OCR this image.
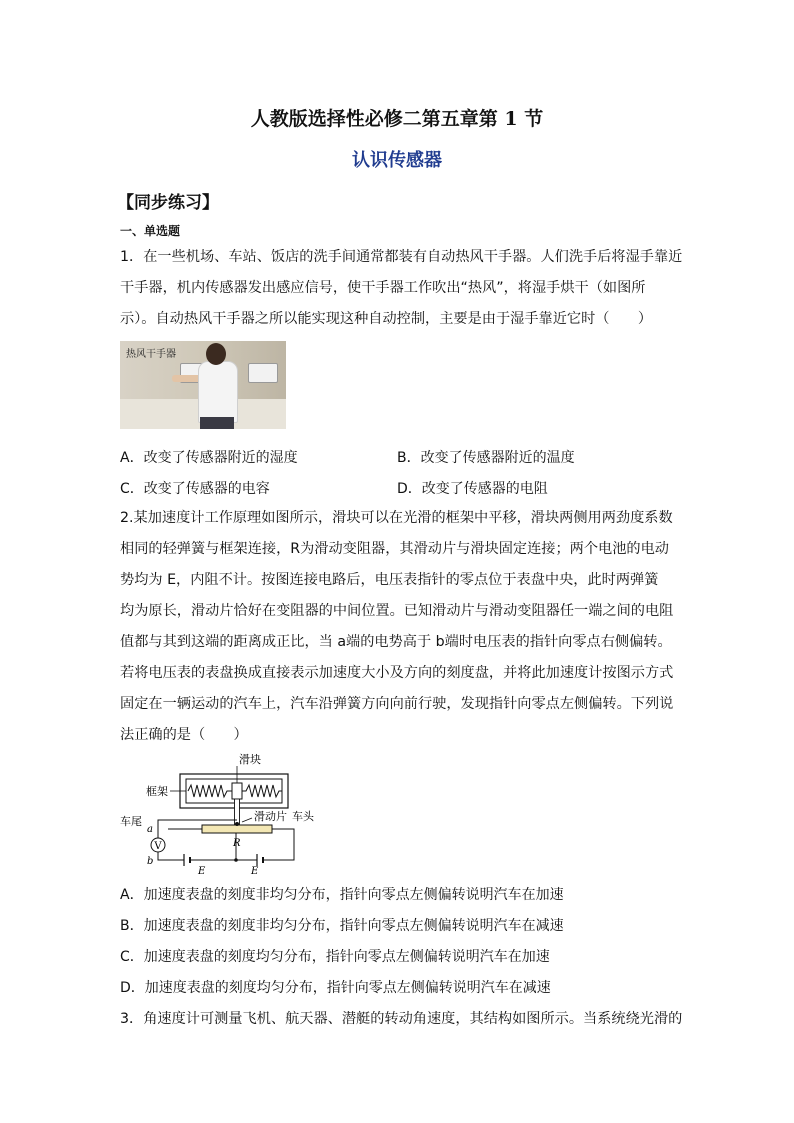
人教版选择性必修二第五章第 1 节
认识传感器
【同步练习】
一、单选题
1．在一些机场、车站、饭店的洗手间通常都装有自动热风干手器。人们洗手后将湿手靠近
干手器，机内传感器发出感应信号，使干手器工作吹出“热风”，将湿手烘干（如图所
示）。自动热风干手器之所以能实现这种自动控制，主要是由于湿手靠近它时（　　）
热风干手器
A．改变了传感器附近的湿度	B．改变了传感器附近的温度
C．改变了传感器的电容	D．改变了传感器的电阻
2.某加速度计工作原理如图所示，滑块可以在光滑的框架中平移，滑块两侧用两劲度系数
相同的轻弹簧与框架连接，R为滑动变阻器，其滑动片与滑块固定连接；两个电池的电动
势均为 E，内阻不计。按图连接电路后，电压表指针的零点位于表盘中央，此时两弹簧
均为原长，滑动片恰好在变阻器的中间位置。已知滑动片与滑动变阻器任一端之间的电阻
值都与其到这端的距离成正比，当 a端的电势高于 b端时电压表的指针向零点右侧偏转。
若将电压表的表盘换成直接表示加速度大小及方向的刻度盘，并将此加速度计按图示方式
固定在一辆运动的汽车上，汽车沿弹簧方向向前行驶，发现指针向零点左侧偏转。下列说
法正确的是（　　）
V
滑块
框架
滑动片 车头
车尾
a
b
R
E	E
A．加速度表盘的刻度非均匀分布，指针向零点左侧偏转说明汽车在加速
B．加速度表盘的刻度非均匀分布，指针向零点左侧偏转说明汽车在减速
C．加速度表盘的刻度均匀分布，指针向零点左侧偏转说明汽车在加速
D．加速度表盘的刻度均匀分布，指针向零点左侧偏转说明汽车在减速
3．角速度计可测量飞机、航天器、潜艇的转动角速度，其结构如图所示。当系统绕光滑的
